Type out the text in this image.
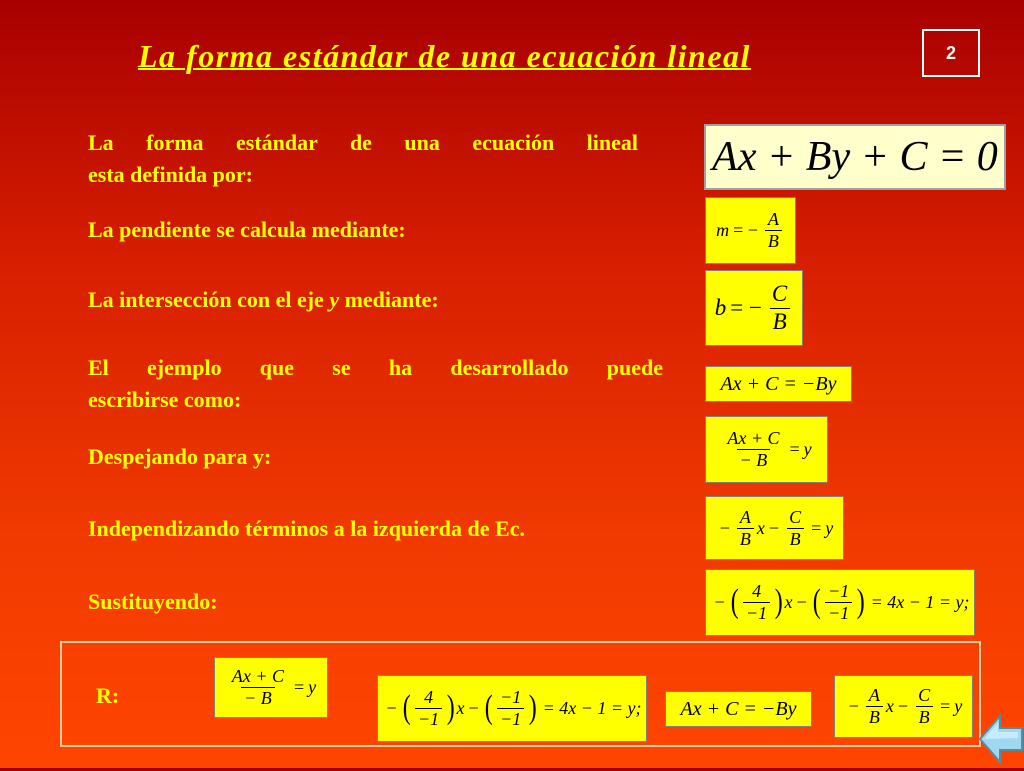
La forma estándar de una ecuación lineal	2
La forma estándar de una ecuación lineal
esta definida por:	Ax + By + C = 0
La pendiente se calcula mediante:	m = − $\frac{A}{B}$
La intersección con el eje y mediante:	b = − $\frac{C}{B}$
El ejemplo que se ha desarrollado puede
escribirse como:
Ax + C = −By
Despejando para y:	$\frac{Ax + C}{- B} = y$
Independizando términos a la izquierda de Ec.	− $\frac{A}{B}$ $x - \frac{C}{B} = y$
Sustituyendo:	− ( $\frac{4}{-1}$ ) x − ( $\frac{-1}{-1}$ ) = 4x − 1 = y;
R:	$\frac{Ax + C}{- B} = y$
− ( $\frac{4}{-1}$ ) x − ( $\frac{-1}{-1}$ ) = 4x − 1 = y; Ax + C = −By	− $\frac{A}{B}$ $x - \frac{C}{B} = y$
